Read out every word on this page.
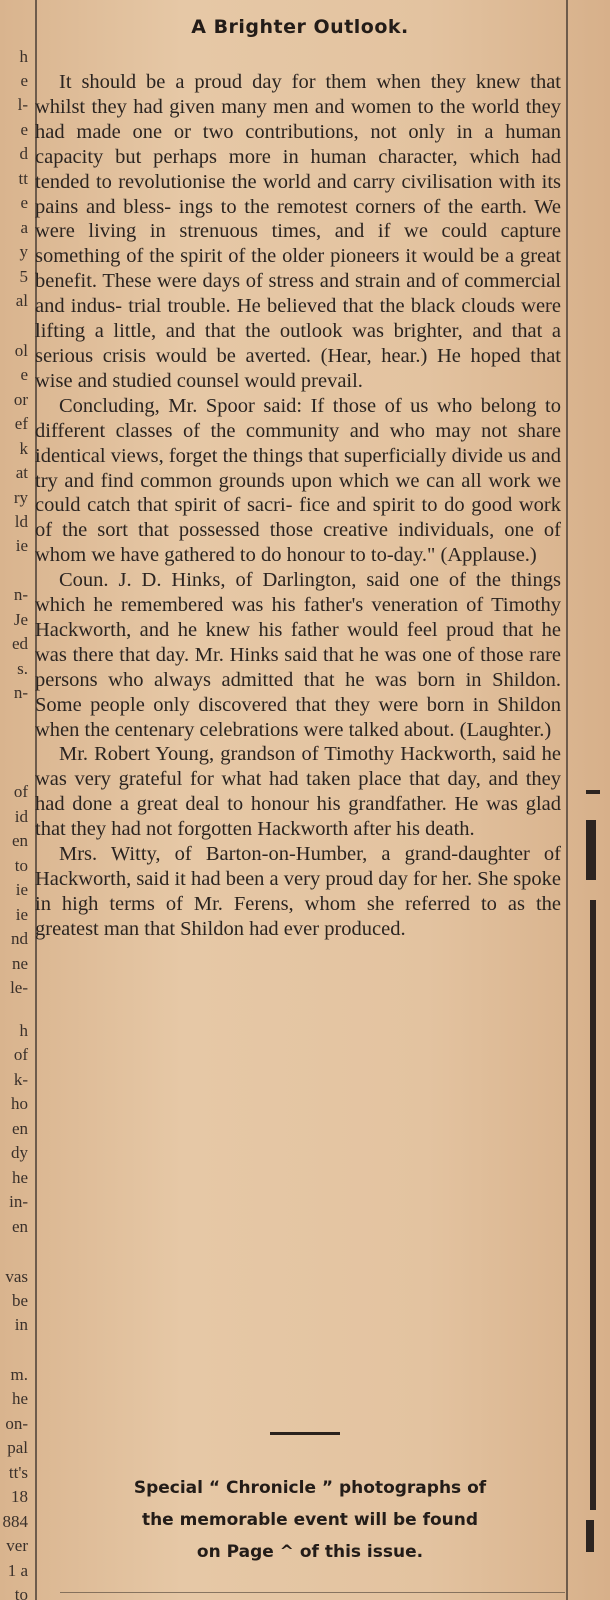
h
e
l-
e
d
tt
e
a
y
5
al
ol
e
or
ef
k
at
ry
ld
ie
n-
Je
ed
s.
n-
of
id
en
to
ie
ie
nd
ne
le-
h
of
k-
ho
en
dy
he
in-
en
vas
be
in
m.
he
on-
pal
tt's
18
884
ver
1 a
to
A Brighter Outlook.

It should be a proud day for them when they knew that whilst they had given many men and women to the world they had made one or two contributions, not only in a human capacity but perhaps more in human character, which had tended to revolutionise the world and carry civilisation with its pains and bless- ings to the remotest corners of the earth. We were living in strenuous times, and if we could capture something of the spirit of the older pioneers it would be a great benefit. These were days of stress and strain and of commercial and indus- trial trouble. He believed that the black clouds were lifting a little, and that the outlook was brighter, and that a serious crisis would be averted. (Hear, hear.) He hoped that wise and studied counsel would prevail.

Concluding, Mr. Spoor said: If those of us who belong to different classes of the community and who may not share identical views, forget the things that superficially divide us and try and find common grounds upon which we can all work we could catch that spirit of sacri- fice and spirit to do good work of the sort that possessed those creative individuals, one of whom we have gathered to do honour to to-day." (Applause.)

Coun. J. D. Hinks, of Darlington, said one of the things which he remembered was his father's veneration of Timothy Hackworth, and he knew his father would feel proud that he was there that day. Mr. Hinks said that he was one of those rare persons who always admitted that he was born in Shildon. Some people only discovered that they were born in Shildon when the centenary celebrations were talked about. (Laughter.)

Mr. Robert Young, grandson of Timothy Hackworth, said he was very grateful for what had taken place that day, and they had done a great deal to honour his grandfather. He was glad that they had not forgotten Hackworth after his death.

Mrs. Witty, of Barton-on-Humber, a grand-daughter of Hackworth, said it had been a very proud day for her. She spoke in high terms of Mr. Ferens, whom she referred to as the greatest man that Shildon had ever produced.

Special “ Chronicle ” photographs of
the memorable event will be found
on Page ^ of this issue.
